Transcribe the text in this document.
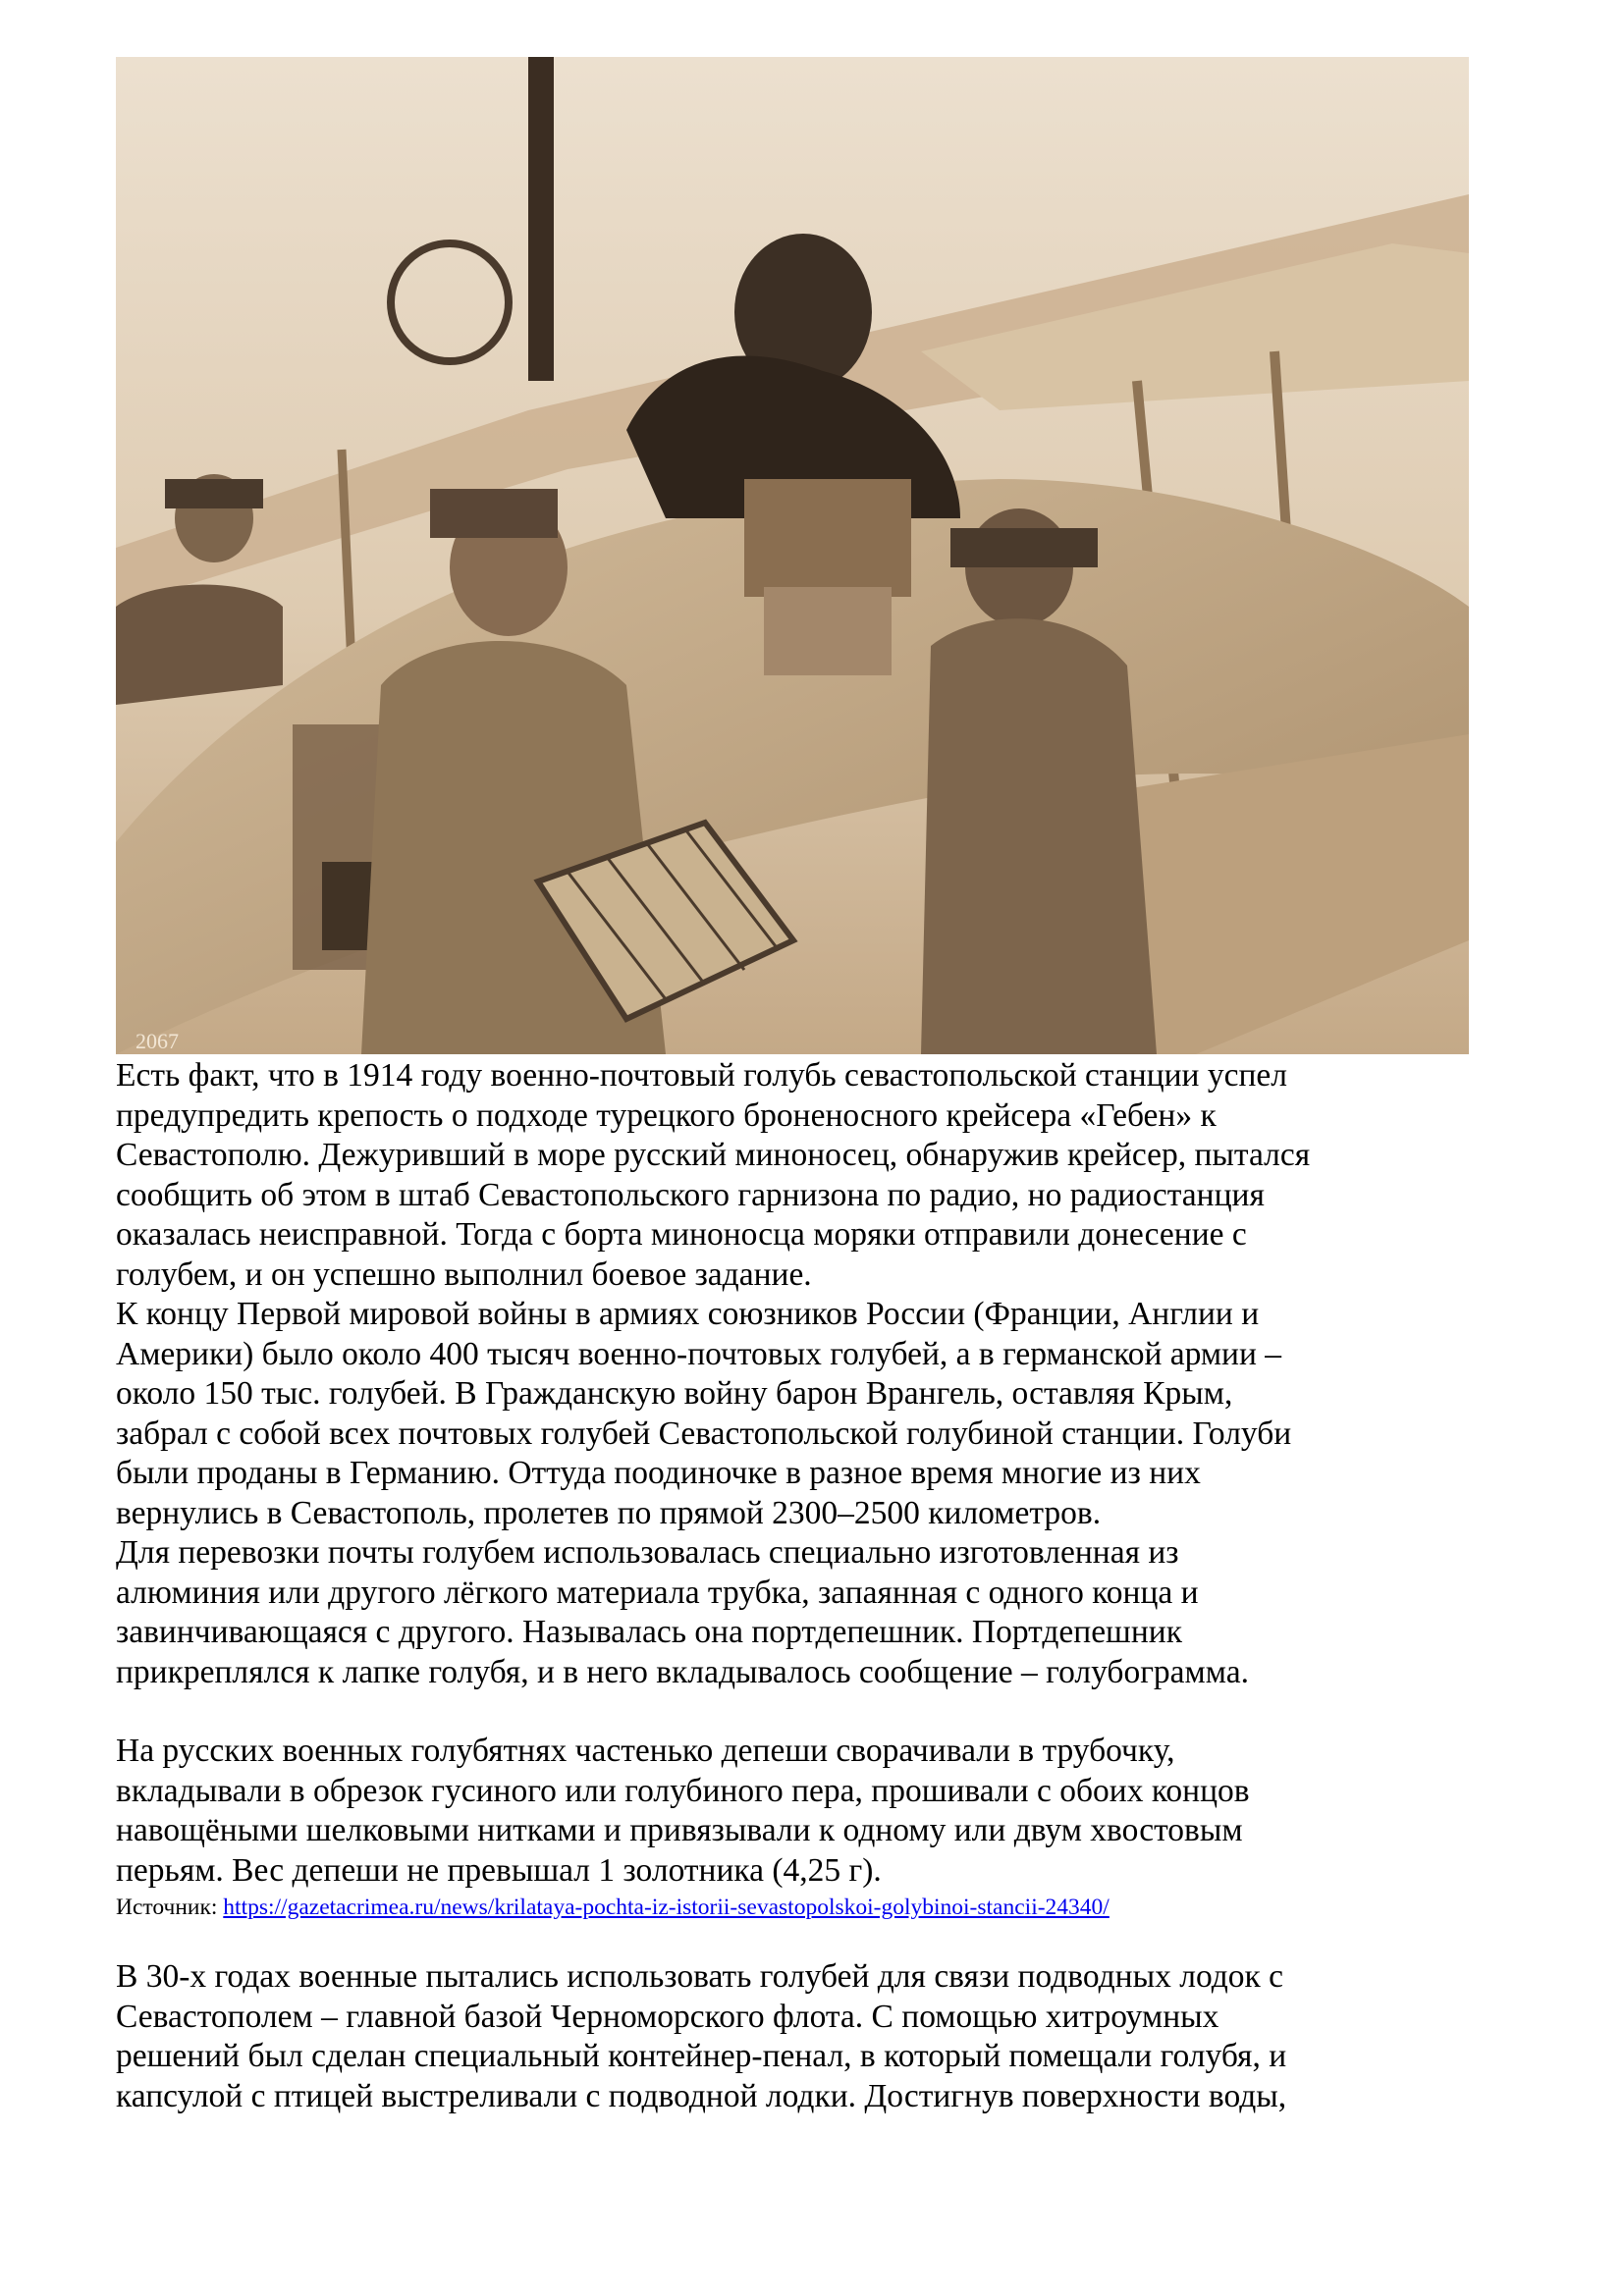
2067

Есть факт, что в 1914 году военно-почтовый голубь севастопольской станции успел
предупредить крепость о подходе турецкого броненосного крейсера «Гебен» к
Севастополю. Дежуривший в море русский миноносец, обнаружив крейсер, пытался
сообщить об этом в штаб Севастопольского гарнизона по радио, но радиостанция
оказалась неисправной. Тогда с борта миноносца моряки отправили донесение с
голубем, и он успешно выполнил боевое задание.

К концу Первой мировой войны в армиях союзников России (Франции, Англии и
Америки) было около 400 тысяч военно-почтовых голубей, а в германской армии –
около 150 тыс. голубей. В Гражданскую войну барон Врангель, оставляя Крым,
забрал с собой всех почтовых голубей Севастопольской голубиной станции. Голуби
были проданы в Германию. Оттуда поодиночке в разное время многие из них
вернулись в Севастополь, пролетев по прямой 2300–2500 километров.

Для перевозки почты голубем использовалась специально изготовленная из
алюминия или другого лёгкого материала трубка, запаянная с одного конца и
завинчивающаяся с другого. Называлась она портдепешник. Портдепешник
прикреплялся к лапке голубя, и в него вкладывалось сообщение – голубограмма.

На русских военных голубятнях частенько депеши сворачивали в трубочку,
вкладывали в обрезок гусиного или голубиного пера, прошивали с обоих концов
навощёными шелковыми нитками и привязывали к одному или двум хвостовым
перьям. Вес депеши не превышал 1 золотника (4,25 г).

Источник: https://gazetacrimea.ru/news/krilataya-pochta-iz-istorii-sevastopolskoi-golybinoi-stancii-24340/

В 30-х годах военные пытались использовать голубей для связи подводных лодок с
Севастополем – главной базой Черноморского флота. С помощью хитроумных
решений был сделан специальный контейнер-пенал, в который помещали голубя, и
капсулой с птицей выстреливали с подводной лодки. Достигнув поверхности воды,
